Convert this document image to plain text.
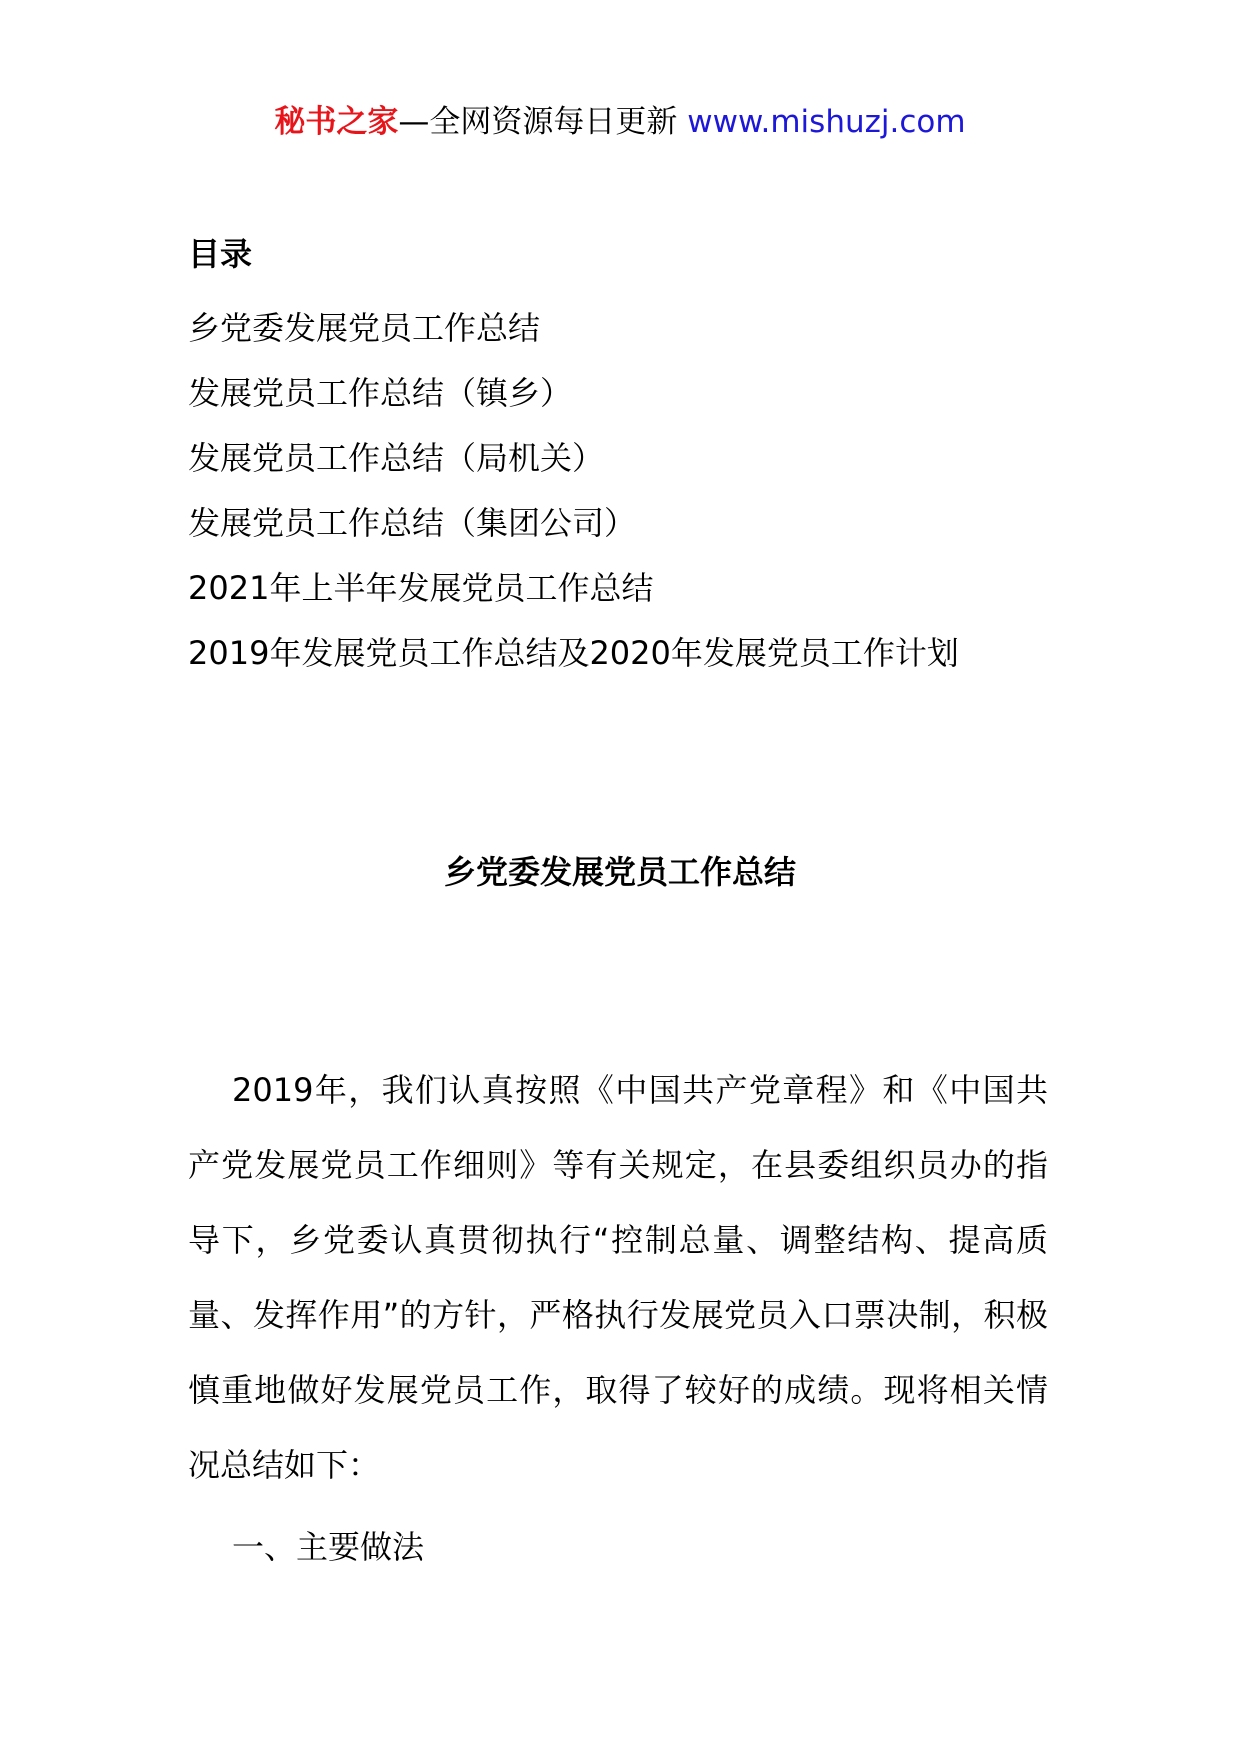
秘书之家—全网资源每日更新 www.mishuzj.com
目录
乡党委发展党员工作总结
发展党员工作总结（镇乡）
发展党员工作总结（局机关）
发展党员工作总结（集团公司）
2021年上半年发展党员工作总结
2019年发展党员工作总结及2020年发展党员工作计划
乡党委发展党员工作总结

2019年，我们认真按照《中国共产党章程》和《中国共产党发展党员工作细则》等有关规定，在县委组织员办的指导下，乡党委认真贯彻执行“控制总量、调整结构、提高质量、发挥作用”的方针，严格执行发展党员入口票决制，积极慎重地做好发展党员工作，取得了较好的成绩。现将相关情况总结如下：

一、主要做法
